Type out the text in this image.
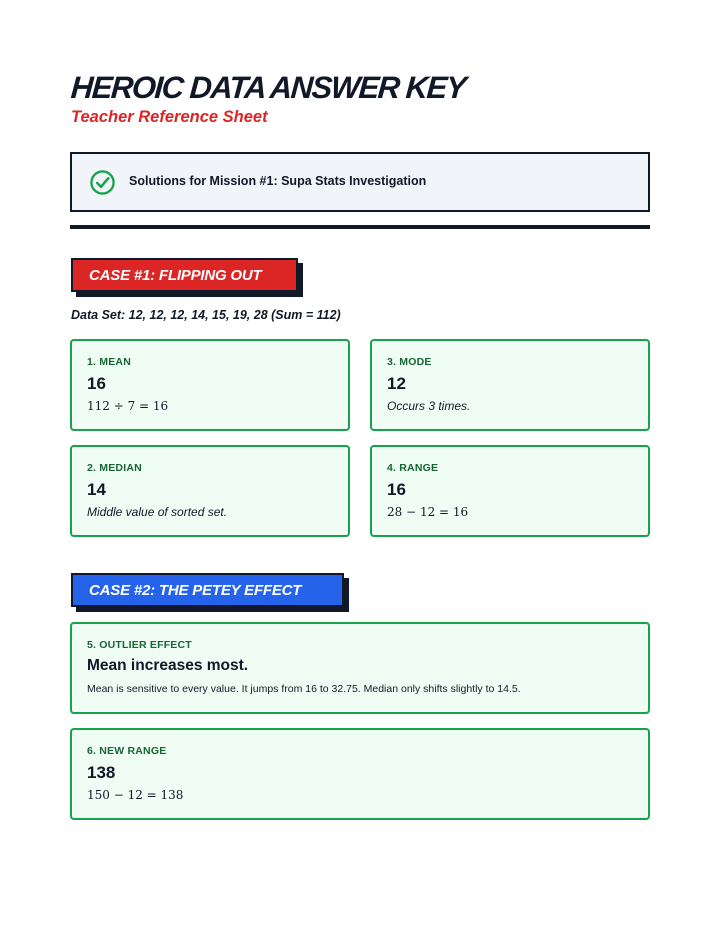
HEROIC DATA ANSWER KEY
Teacher Reference Sheet
Solutions for Mission #1: Supa Stats Investigation
CASE #1: FLIPPING OUT
Data Set: 12, 12, 12, 14, 15, 19, 28 (Sum = 112)
1. MEAN
16
112 ÷ 7 = 16
3. MODE
12
Occurs 3 times.
2. MEDIAN
14
Middle value of sorted set.
4. RANGE
16
28 − 12 = 16
CASE #2: THE PETEY EFFECT
5. OUTLIER EFFECT
Mean increases most.
Mean is sensitive to every value. It jumps from 16 to 32.75. Median only shifts slightly to 14.5.
6. NEW RANGE
138
150 − 12 = 138
